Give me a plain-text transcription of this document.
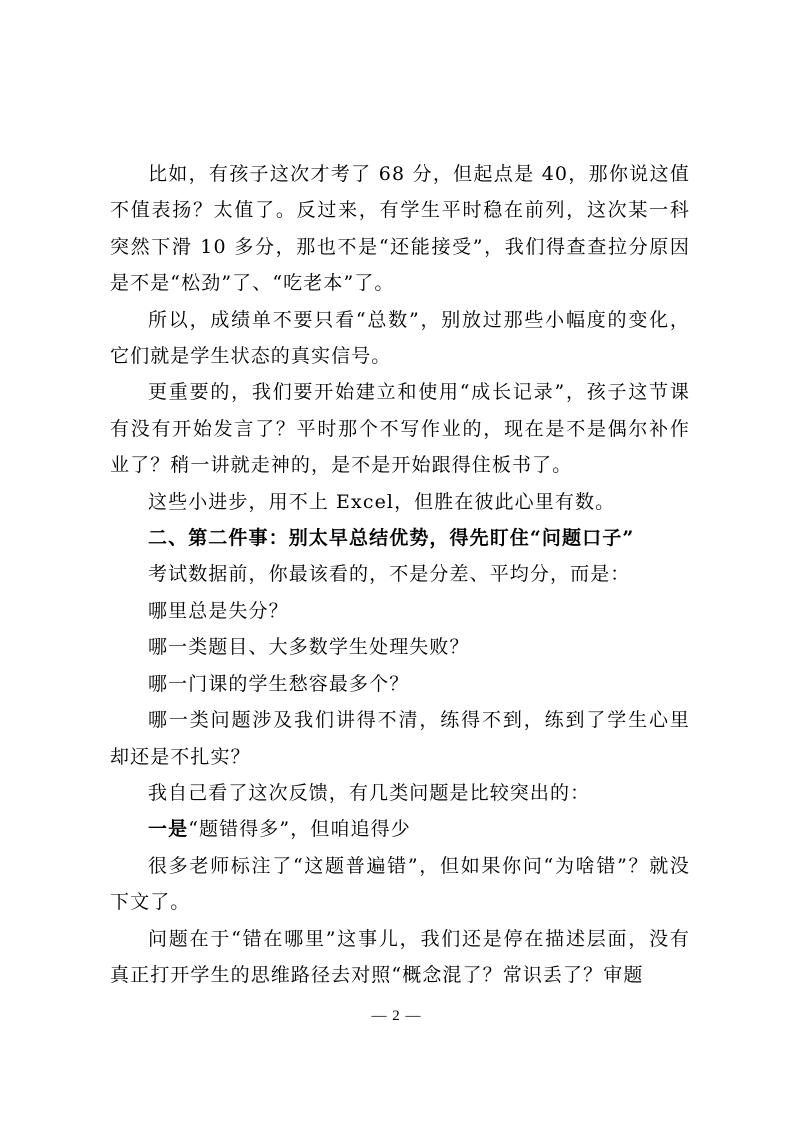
比如，有孩子这次才考了 68 分，但起点是 40，那你说这值不值表扬？太值了。反过来，有学生平时稳在前列，这次某一科突然下滑 10 多分，那也不是“还能接受”，我们得查查拉分原因是不是“松劲”了、“吃老本”了。

所以，成绩单不要只看“总数”，别放过那些小幅度的变化，它们就是学生状态的真实信号。

更重要的，我们要开始建立和使用“成长记录”，孩子这节课有没有开始发言了？平时那个不写作业的，现在是不是偶尔补作业了？稍一讲就走神的，是不是开始跟得住板书了。

这些小进步，用不上 Excel，但胜在彼此心里有数。

二、第二件事：别太早总结优势，得先盯住“问题口子”

考试数据前，你最该看的，不是分差、平均分，而是：

哪里总是失分？

哪一类题目、大多数学生处理失败？

哪一门课的学生愁容最多个？

哪一类问题涉及我们讲得不清，练得不到，练到了学生心里却还是不扎实？

我自己看了这次反馈，有几类问题是比较突出的：

一是“题错得多”，但咱追得少

很多老师标注了“这题普遍错”，但如果你问“为啥错”？就没下文了。

问题在于“错在哪里”这事儿，我们还是停在描述层面，没有真正打开学生的思维路径去对照“概念混了？常识丢了？审题

— 2 —
